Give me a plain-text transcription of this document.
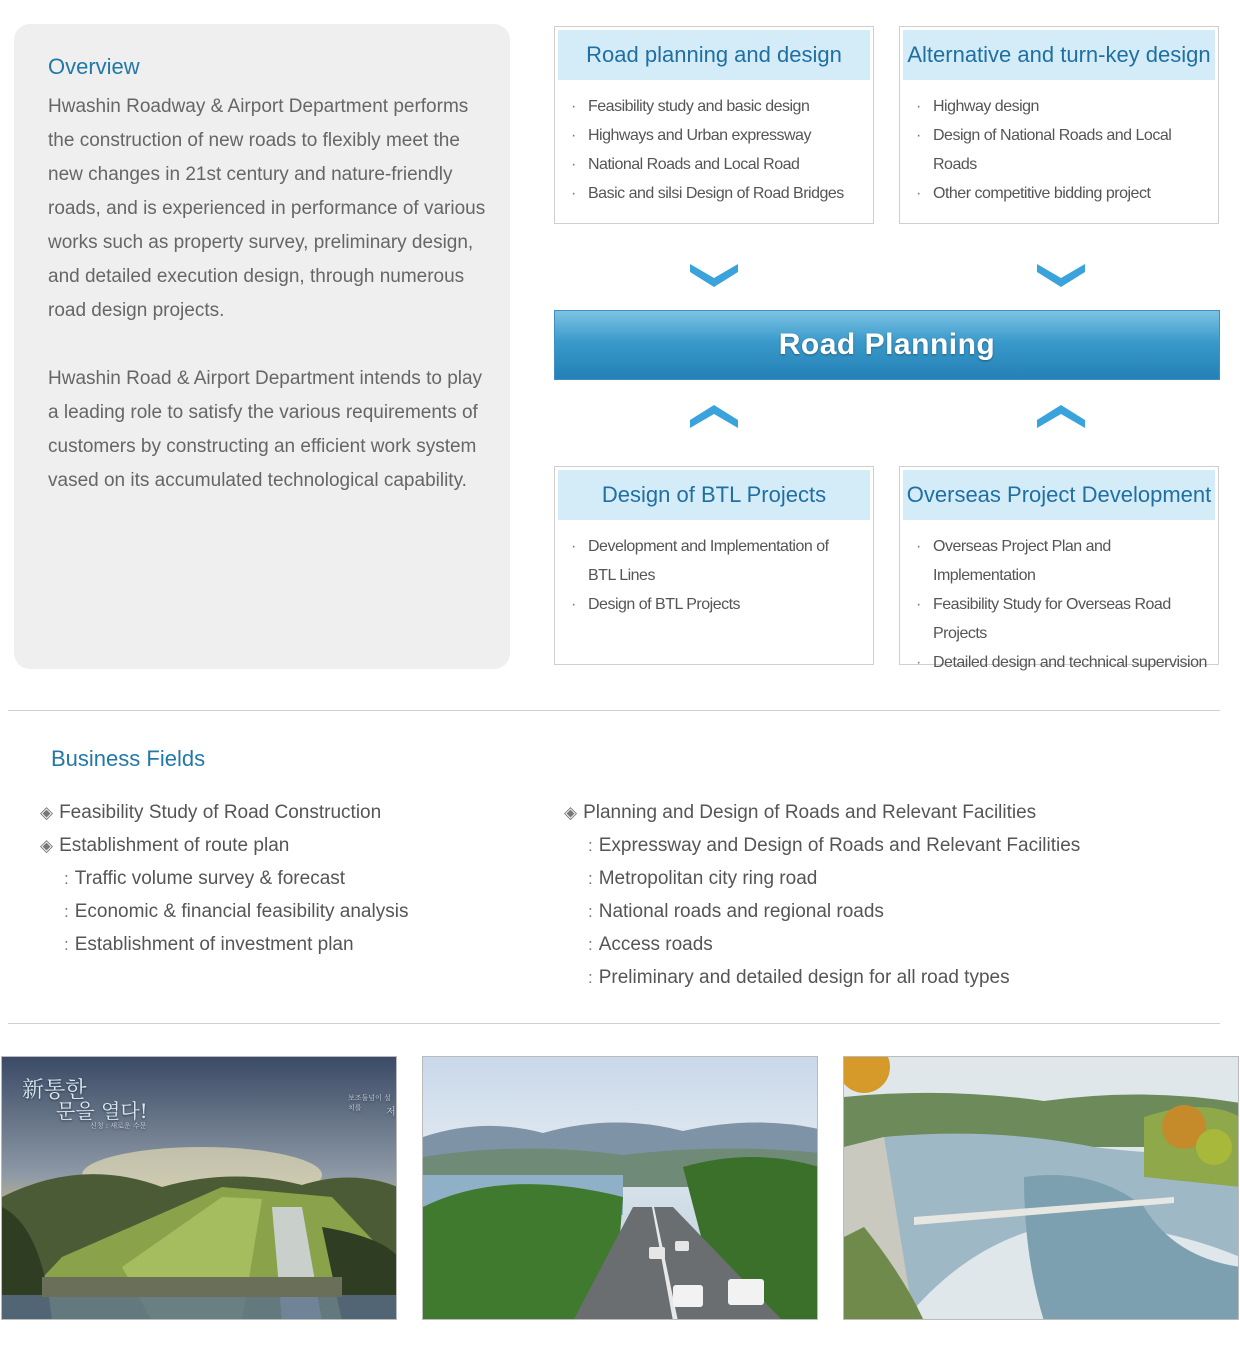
Overview

Hwashin Roadway & Airport Department performs the construction of new roads to flexibly meet the new changes in 21st century and nature-friendly roads, and is experienced in performance of various works such as property survey, preliminary design, and detailed execution design, through numerous road design projects.

Hwashin Road & Airport Department intends to play a leading role to satisfy the various requirements of customers by constructing an efficient work system vased on its accumulated technological capability.

Road planning and design
· Feasibility study and basic design
· Highways and Urban expressway
· National Roads and Local Road
· Basic and silsi Design of Road Bridges
Alternative and turn-key design
· Highway design
· Design of National Roads and Local Roads
· Other competitive bidding project
Design of BTL Projects
· Development and Implementation of BTL Lines
· Design of BTL Projects
Overseas Project Development
· Overseas Project Plan and Implementation
· Feasibility Study for Overseas Road Projects
· Detailed design and technical supervision
Road Planning
Business Fields
◈ Feasibility Study of Road Construction
◈ Establishment of route plan
: Traffic volume survey & forecast
: Economic & financial feasibility analysis
: Establishment of investment plan
◈ Planning and Design of Roads and Relevant Facilities
: Expressway and Design of Roads and Relevant Facilities
: Metropolitan city ring road
: National roads and regional roads
: Access roads
: Preliminary and detailed design for all road types
新통한
문을 열다!
신청 : 새로운 수문
보조둘넘이 설치를	저
